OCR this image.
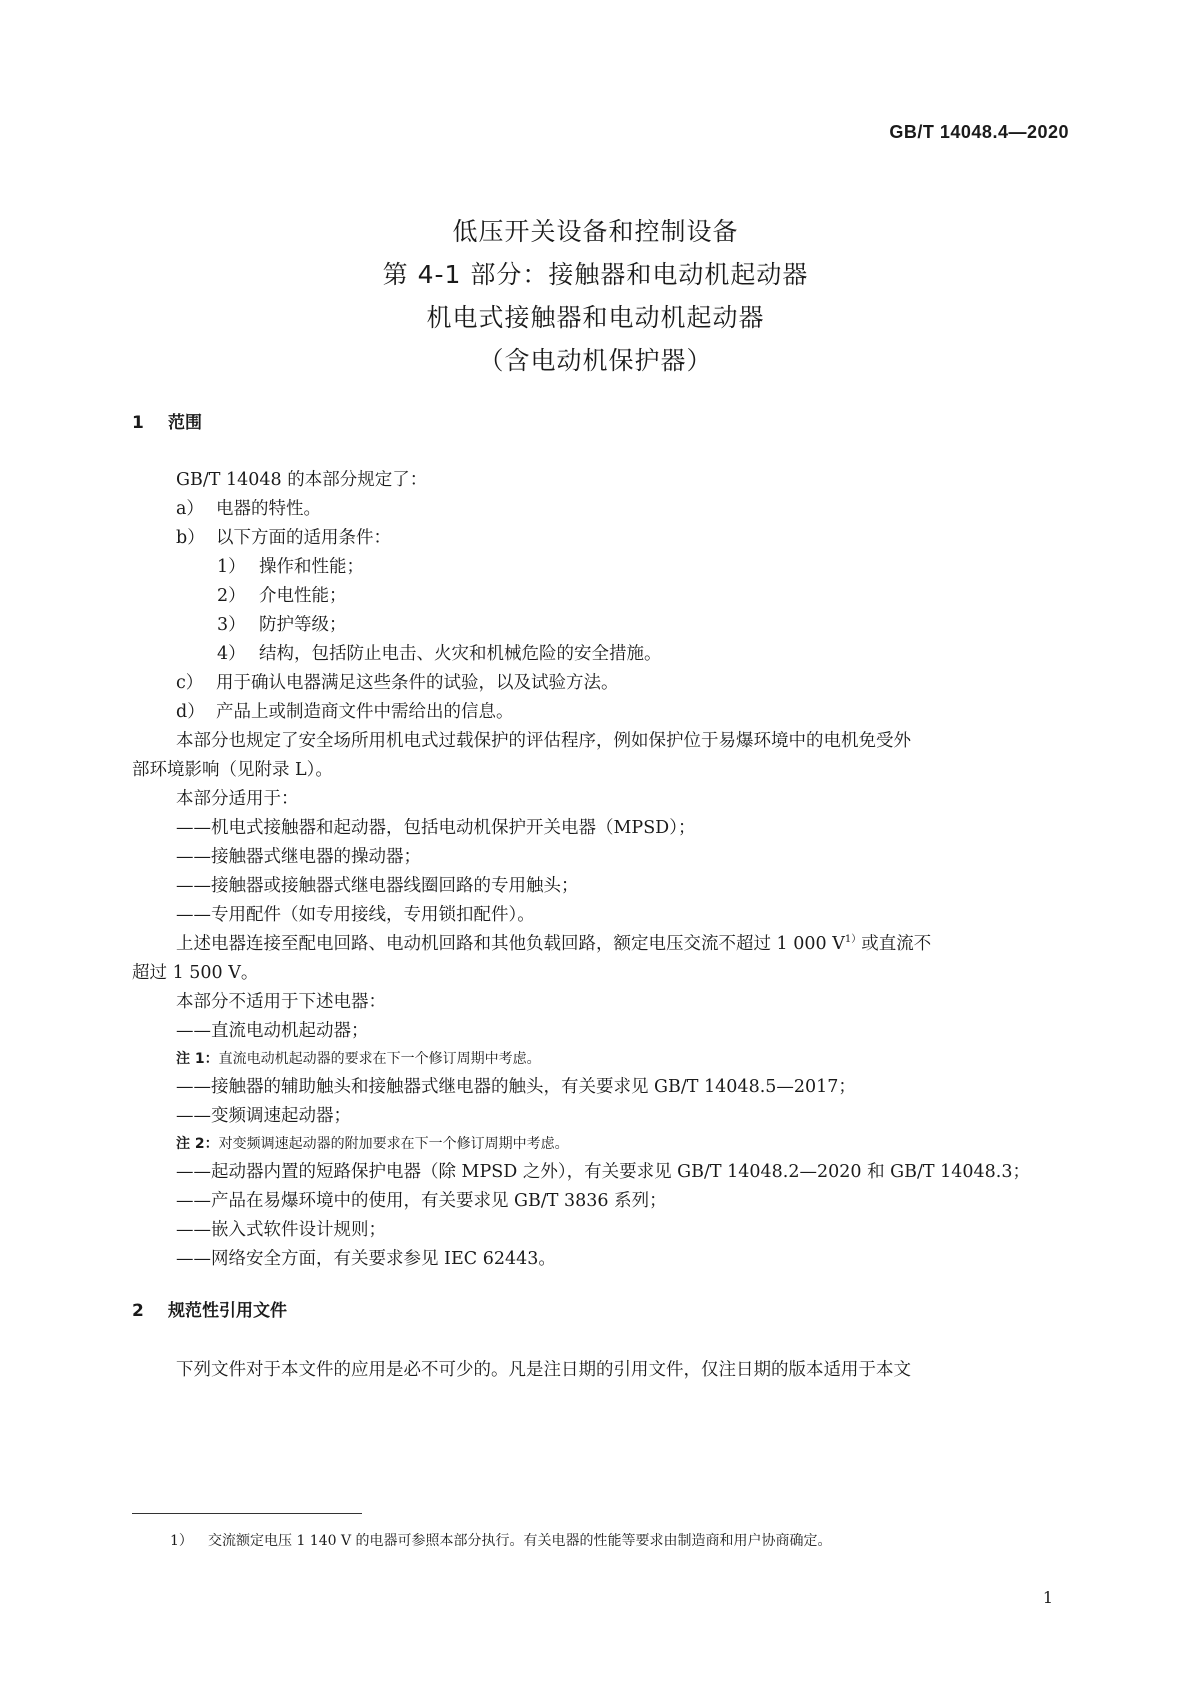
GB/T 14048.4—2020
低压开关设备和控制设备
第 4-1 部分：接触器和电动机起动器
机电式接触器和电动机起动器
（含电动机保护器）
1 范围
GB/T 14048 的本部分规定了：
a） 电器的特性。
b） 以下方面的适用条件：
1） 操作和性能；
2） 介电性能；
3） 防护等级；
4） 结构，包括防止电击、火灾和机械危险的安全措施。
c） 用于确认电器满足这些条件的试验，以及试验方法。
d） 产品上或制造商文件中需给出的信息。
本部分也规定了安全场所用机电式过载保护的评估程序，例如保护位于易爆环境中的电机免受外
部环境影响（见附录 L）。
本部分适用于：
——机电式接触器和起动器，包括电动机保护开关电器（MPSD）；
——接触器式继电器的操动器；
——接触器或接触器式继电器线圈回路的专用触头；
——专用配件（如专用接线，专用锁扣配件）。
上述电器连接至配电回路、电动机回路和其他负载回路，额定电压交流不超过 1 000 $V^{1)}$或直流不
超过 1 500 V。
本部分不适用于下述电器：
——直流电动机起动器；
注 1：直流电动机起动器的要求在下一个修订周期中考虑。
——接触器的辅助触头和接触器式继电器的触头，有关要求见 GB/T 14048.5—2017；
——变频调速起动器；
注 2：对变频调速起动器的附加要求在下一个修订周期中考虑。
——起动器内置的短路保护电器（除 MPSD 之外），有关要求见 GB/T 14048.2—2020 和 GB/T 14048.3；
——产品在易爆环境中的使用，有关要求见 GB/T 3836 系列；
——嵌入式软件设计规则；
——网络安全方面，有关要求参见 IEC 62443。
2 规范性引用文件
下列文件对于本文件的应用是必不可少的。凡是注日期的引用文件，仅注日期的版本适用于本文
1） 交流额定电压 1 140 V 的电器可参照本部分执行。有关电器的性能等要求由制造商和用户协商确定。
1
